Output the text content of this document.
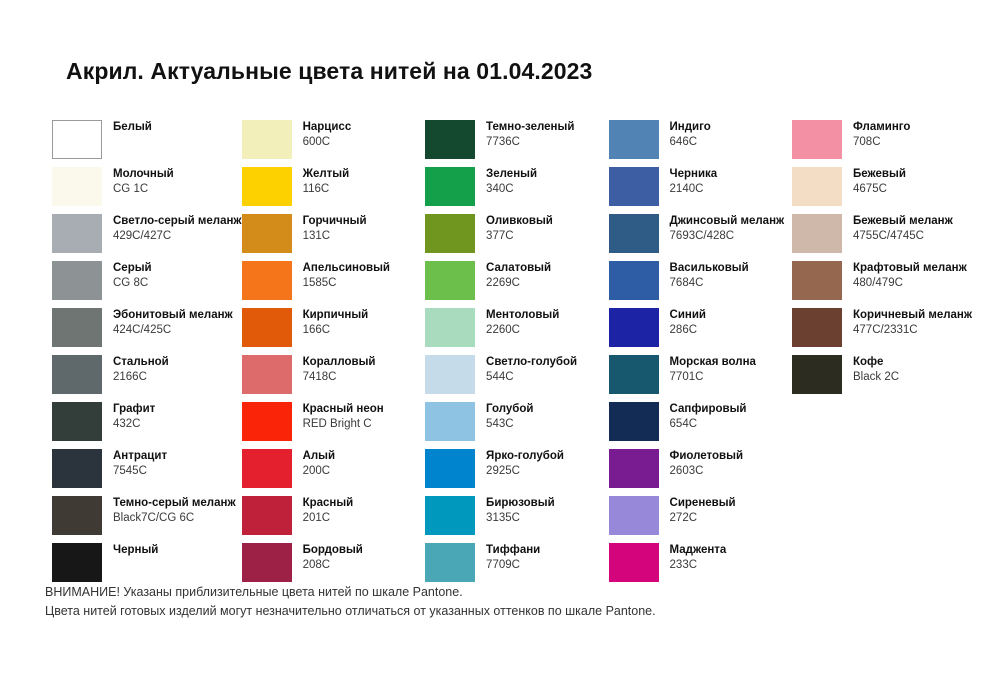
Акрил. Актуальные цвета нитей на 01.04.2023
Белый
Молочный
CG 1C
Светло-серый меланж
429C/427C
Серый
CG 8C
Эбонитовый меланж
424C/425C
Стальной
2166C
Графит
432C
Антрацит
7545C
Темно-серый меланж
Black7C/CG 6C
Черный
Нарцисс
600C
Желтый
116C
Горчичный
131C
Апельсиновый
1585C
Кирпичный
166C
Коралловый
7418C
Красный неон
RED Bright C
Алый
200C
Красный
201C
Бордовый
208C
Темно-зеленый
7736C
Зеленый
340C
Оливковый
377C
Салатовый
2269C
Ментоловый
2260C
Светло-голубой
544C
Голубой
543C
Ярко-голубой
2925C
Бирюзовый
3135C
Тиффани
7709C
Индиго
646C
Черника
2140C
Джинсовый меланж
7693C/428C
Васильковый
7684C
Синий
286C
Морская волна
7701C
Сапфировый
654C
Фиолетовый
2603C
Сиреневый
272C
Маджента
233C
Фламинго
708C
Бежевый
4675C
Бежевый меланж
4755C/4745C
Крафтовый меланж
480/479C
Коричневый меланж
477C/2331C
Кофе
Black 2C
ВНИМАНИЕ! Указаны приблизительные цвета нитей по шкале Pantone.
Цвета нитей готовых изделий могут незначительно отличаться от указанных оттенков по шкале Pantone.
